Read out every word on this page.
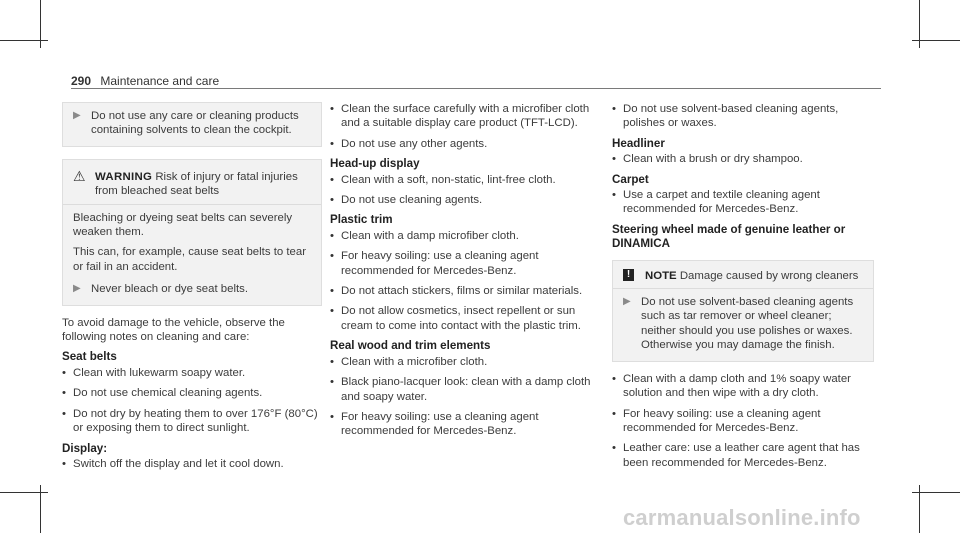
290 Maintenance and care
▶ Do not use any care or cleaning products containing solvents to clean the cockpit.
⚠ WARNING Risk of injury or fatal injuries from bleached seat belts

Bleaching or dyeing seat belts can severely weaken them.

This can, for example, cause seat belts to tear or fail in an accident.

▶ Never bleach or dye seat belts.

To avoid damage to the vehicle, observe the following notes on cleaning and care:

Seat belts
• Clean with lukewarm soapy water.
• Do not use chemical cleaning agents.
• Do not dry by heating them to over 176°F (80°C) or exposing them to direct sunlight.
Display:
• Switch off the display and let it cool down.
• Clean the surface carefully with a microfiber cloth and a suitable display care product (TFT-LCD).
• Do not use any other agents.
Head-up display
• Clean with a soft, non-static, lint-free cloth.
• Do not use cleaning agents.
Plastic trim
• Clean with a damp microfiber cloth.
• For heavy soiling: use a cleaning agent recommended for Mercedes-Benz.
• Do not attach stickers, films or similar materials.
• Do not allow cosmetics, insect repellent or sun cream to come into contact with the plastic trim.
Real wood and trim elements
• Clean with a microfiber cloth.
• Black piano-lacquer look: clean with a damp cloth and soapy water.
• For heavy soiling: use a cleaning agent recommended for Mercedes-Benz.
• Do not use solvent-based cleaning agents, polishes or waxes.
Headliner
• Clean with a brush or dry shampoo.
Carpet
• Use a carpet and textile cleaning agent recommended for Mercedes-Benz.
Steering wheel made of genuine leather or DINAMICA
!	NOTE Damage caused by wrong cleaners
▶ Do not use solvent-based cleaning agents such as tar remover or wheel cleaner; neither should you use polishes or waxes. Otherwise you may damage the finish.
• Clean with a damp cloth and 1% soapy water solution and then wipe with a dry cloth.
• For heavy soiling: use a cleaning agent recommended for Mercedes-Benz.
• Leather care: use a leather care agent that has been recommended for Mercedes-Benz.
carmanualsonline.info
